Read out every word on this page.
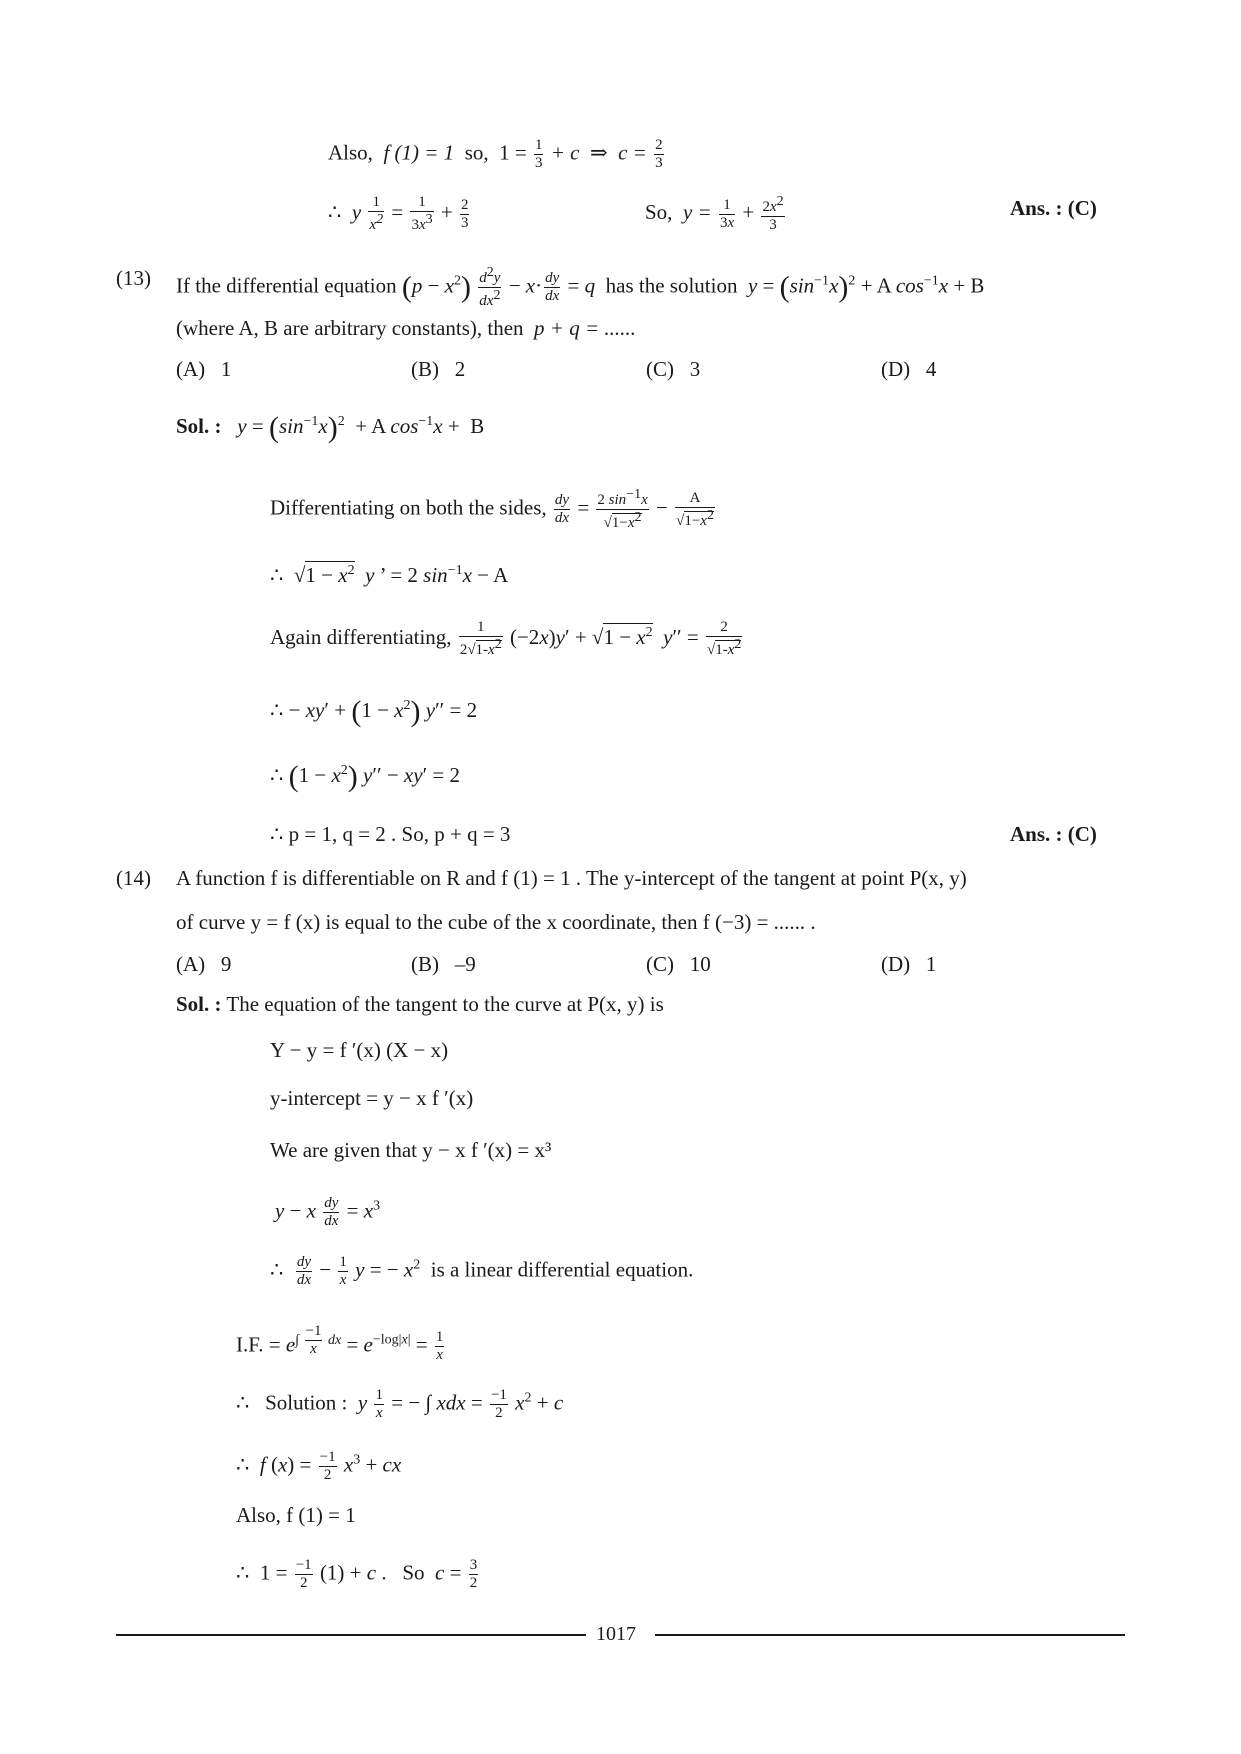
Also, f (1) = 1 so, $1 = \frac{1}{3} + c$ ⇒ $c = \frac{2}{3}$
∴ y $\frac{1}{x^2} = \frac{1}{3x^3} + \frac{2}{3}$	So, $y = \frac{1}{3x} + \frac{2x^2}{3}$	Ans. : (C)
(13) If the differential equation $(p - x^2) \frac{d^2y}{dx^2} - x\cdot \frac{dy}{dx} = q$ has the solution $y = (\sin^{-1}x)^2 + A$ $\cos^{-1}x + B$
(where A, B are arbitrary constants), then p + q = ......
(A) 1	(B) 2	(C) 3	(D) 4
Sol. : $y = (\sin^{-1}x)^2 + A$ $\cos^{-1}x + B$
Differentiating on both the sides, $\frac{dy}{dx} = \frac{2 \sin^{-1}x}{√1-x^2} - \frac{A}{√1-x^2}$
∴  $√1 - x^2$ y ’ = 2 $\sin^{-1}x - A$
Again differentiating, $\frac{1}{2√1-x^2} (-2x)y' + √1 - x^2$ $y'' = \frac{2}{√1-x^2}$
∴ − $xy' + (1 - x^2)$ y′′ = 2
∴ $(1 - x^2)$ y′′ − xy′ = 2
∴ p = 1, q = 2 . So, p + q = 3	Ans. : (C)
(14) A function f is differentiable on R and f (1) = 1 . The y-intercept of the tangent at point P(x, y)
of curve y = f (x) is equal to the cube of the x coordinate, then f (−3) = ...... .
(A) 9	(B) –9	(C) 10	(D) 1
Sol. : The equation of the tangent to the curve at P(x, y) is
Y − y = f ′(x) (X − x)
y-intercept = y − x f ′(x)
We are given that y − x f ′(x) = x³
y − x $\frac{dy}{dx} = x^3$
∴ $\frac{dy}{dx} - \frac{1}{x}$ y = − $x^2$ is a linear differential equation.
I.F. = $e^{\int \frac{-1}{x} dx} = e^{-log|x|} = \frac{1}{x}$
∴   Solution : y $\frac{1}{x}$ = − ∫ xdx = $\frac{-1}{2} x^2 + c$
∴  f $(x) = \frac{-1}{2} x^3$ + cx
Also, f (1) = 1
∴  $1 = \frac{-1}{2} (1) + c$ .   So  $c = \frac{3}{2}$
1017
